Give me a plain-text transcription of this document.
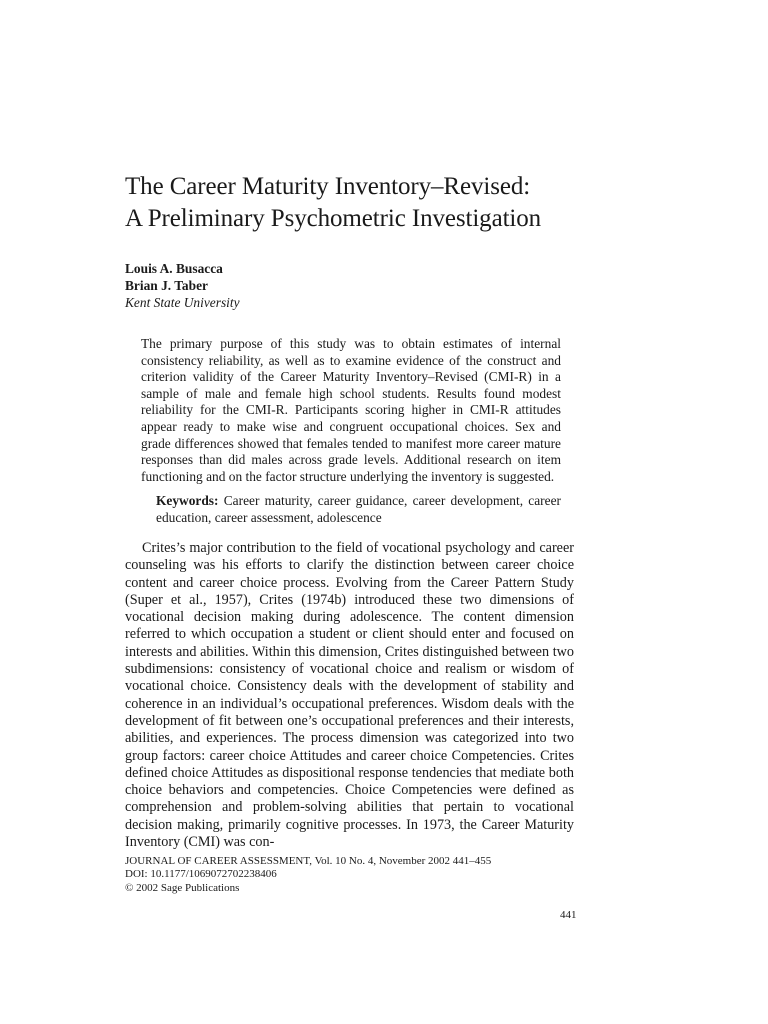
The Career Maturity Inventory–Revised:
A Preliminary Psychometric Investigation
Louis A. Busacca
Brian J. Taber
Kent State University

The primary purpose of this study was to obtain estimates of internal consistency reliability, as well as to examine evidence of the construct and criterion validity of the Career Maturity Inventory–Revised (CMI-R) in a sample of male and female high school students. Results found modest reliability for the CMI-R. Participants scoring higher in CMI-R attitudes appear ready to make wise and congruent occupational choices. Sex and grade differences showed that females tended to manifest more career mature responses than did males across grade levels. Additional research on item functioning and on the factor structure underlying the inventory is suggested.

Keywords: Career maturity, career guidance, career development, career education, career assessment, adolescence

Crites’s major contribution to the field of vocational psychology and career counseling was his efforts to clarify the distinction between career choice content and career choice process. Evolving from the Career Pattern Study (Super et al., 1957), Crites (1974b) introduced these two dimensions of vocational decision making during adolescence. The content dimension referred to which occupation a student or client should enter and focused on interests and abilities. Within this dimension, Crites distinguished between two subdimensions: consistency of vocational choice and realism or wisdom of vocational choice. Consistency deals with the development of stability and coherence in an individual’s occupational preferences. Wisdom deals with the development of fit between one’s occupational preferences and their interests, abilities, and experiences. The process dimension was categorized into two group factors: career choice Attitudes and career choice Competencies. Crites defined choice Attitudes as dispositional response tendencies that mediate both choice behaviors and competencies. Choice Competencies were defined as comprehension and problem-solving abilities that pertain to vocational decision making, primarily cognitive processes. In 1973, the Career Maturity Inventory (CMI) was con-

JOURNAL OF CAREER ASSESSMENT, Vol. 10 No. 4, November 2002 441–455
DOI: 10.1177/1069072702238406
© 2002 Sage Publications
441
